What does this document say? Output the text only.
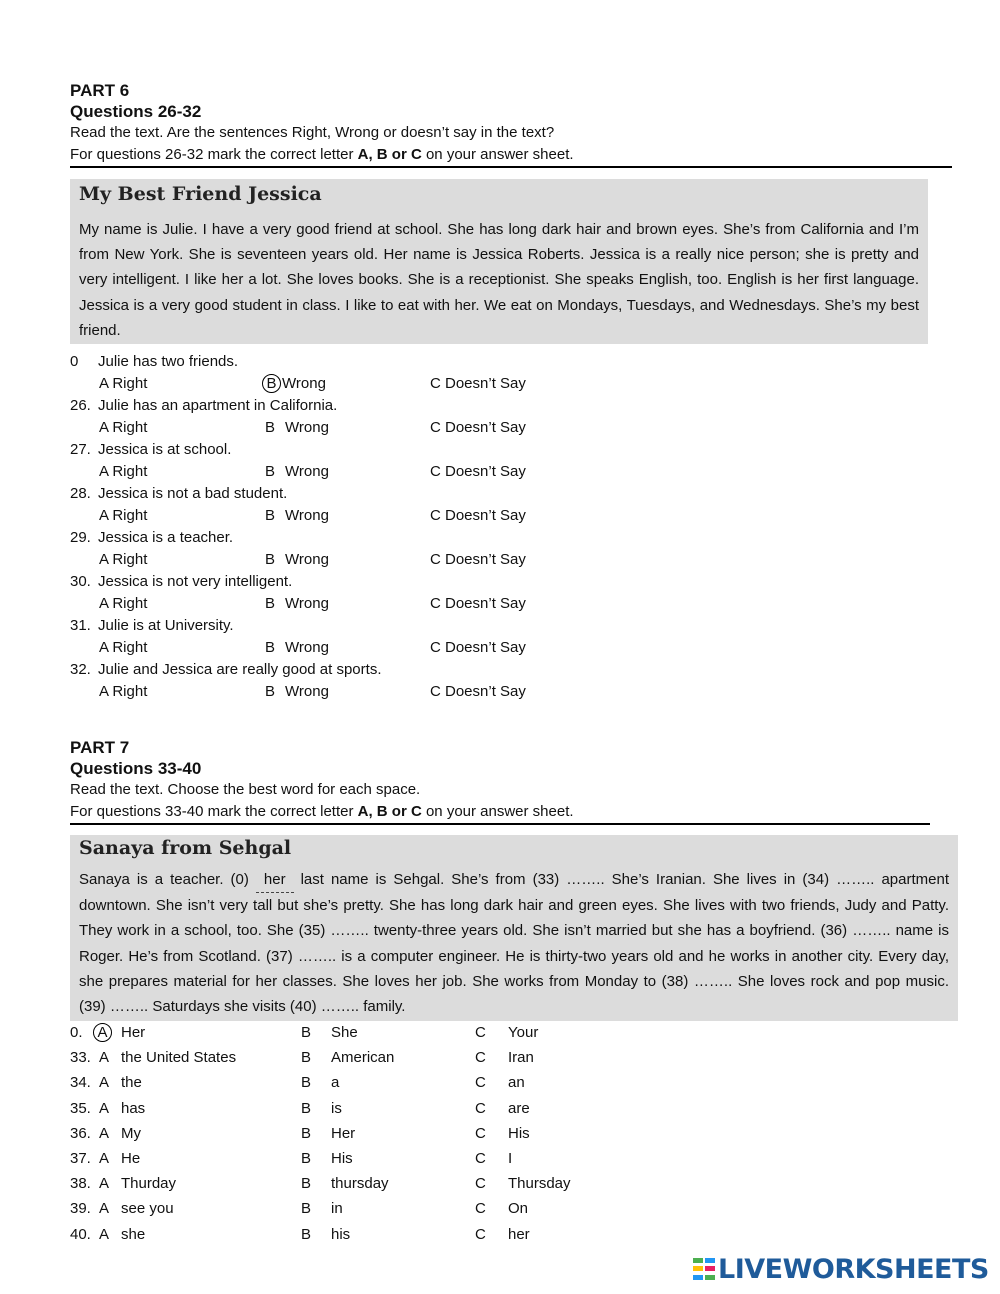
PART 6
Questions 26-32
Read the text. Are the sentences Right, Wrong or doesn’t say in the text?
For questions 26-32 mark the correct letter A, B or C on your answer sheet.
My Best Friend Jessica

My name is Julie. I have a very good friend at school. She has long dark hair and brown eyes. She’s from California and I’m from New York. She is seventeen years old. Her name is Jessica Roberts. Jessica is a really nice person; she is pretty and very intelligent. I like her a lot. She loves books. She is a receptionist. She speaks English, too. English is her first language. Jessica is a very good student in class. I like to eat with her. We eat on Mondays, Tuesdays, and Wednesdays. She’s my best friend.

0 Julie has two friends.
A Right	B Wrong	C Doesn’t Say
26. Julie has an apartment in California.
A Right	B Wrong	C Doesn’t Say
27. Jessica is at school.
A Right	B Wrong	C Doesn’t Say
28. Jessica is not a bad student.
A Right	B Wrong	C Doesn’t Say
29. Jessica is a teacher.
A Right	B Wrong	C Doesn’t Say
30. Jessica is not very intelligent.
A Right	B Wrong	C Doesn’t Say
31. Julie is at University.
A Right	B Wrong	C Doesn’t Say
32. Julie and Jessica are really good at sports.
A Right	B Wrong	C Doesn’t Say
PART 7
Questions 33-40
Read the text. Choose the best word for each space.
For questions 33-40 mark the correct letter A, B or C on your answer sheet.
Sanaya from Sehgal

Sanaya is a teacher. (0) her last name is Sehgal. She’s from (33) …….. She’s Iranian. She lives in (34) …….. apartment downtown. She isn’t very tall but she’s pretty. She has long dark hair and green eyes. She lives with two friends, Judy and Patty. They work in a school, too. She (35) …….. twenty-three years old. She isn’t married but she has a boyfriend. (36) …….. name is Roger. He’s from Scotland. (37) …….. is a computer engineer. He is thirty-two years old and he works in another city. Every day, she prepares material for her classes. She loves her job. She works from Monday to (38) …….. She loves rock and pop music. (39) …….. Saturdays she visits (40) …….. family.

0. A Her	B She	C Your
33. A the United States	B American	C Iran
34. A the	B a	C an
35. A has	B is	C are
36. A My	B Her	C His
37. A He	B His	C I
38. A Thurday	B thursday	C Thursday
39. A see you	B in	C On
40. A she	B his	C her
LIVEWORKSHEETS
